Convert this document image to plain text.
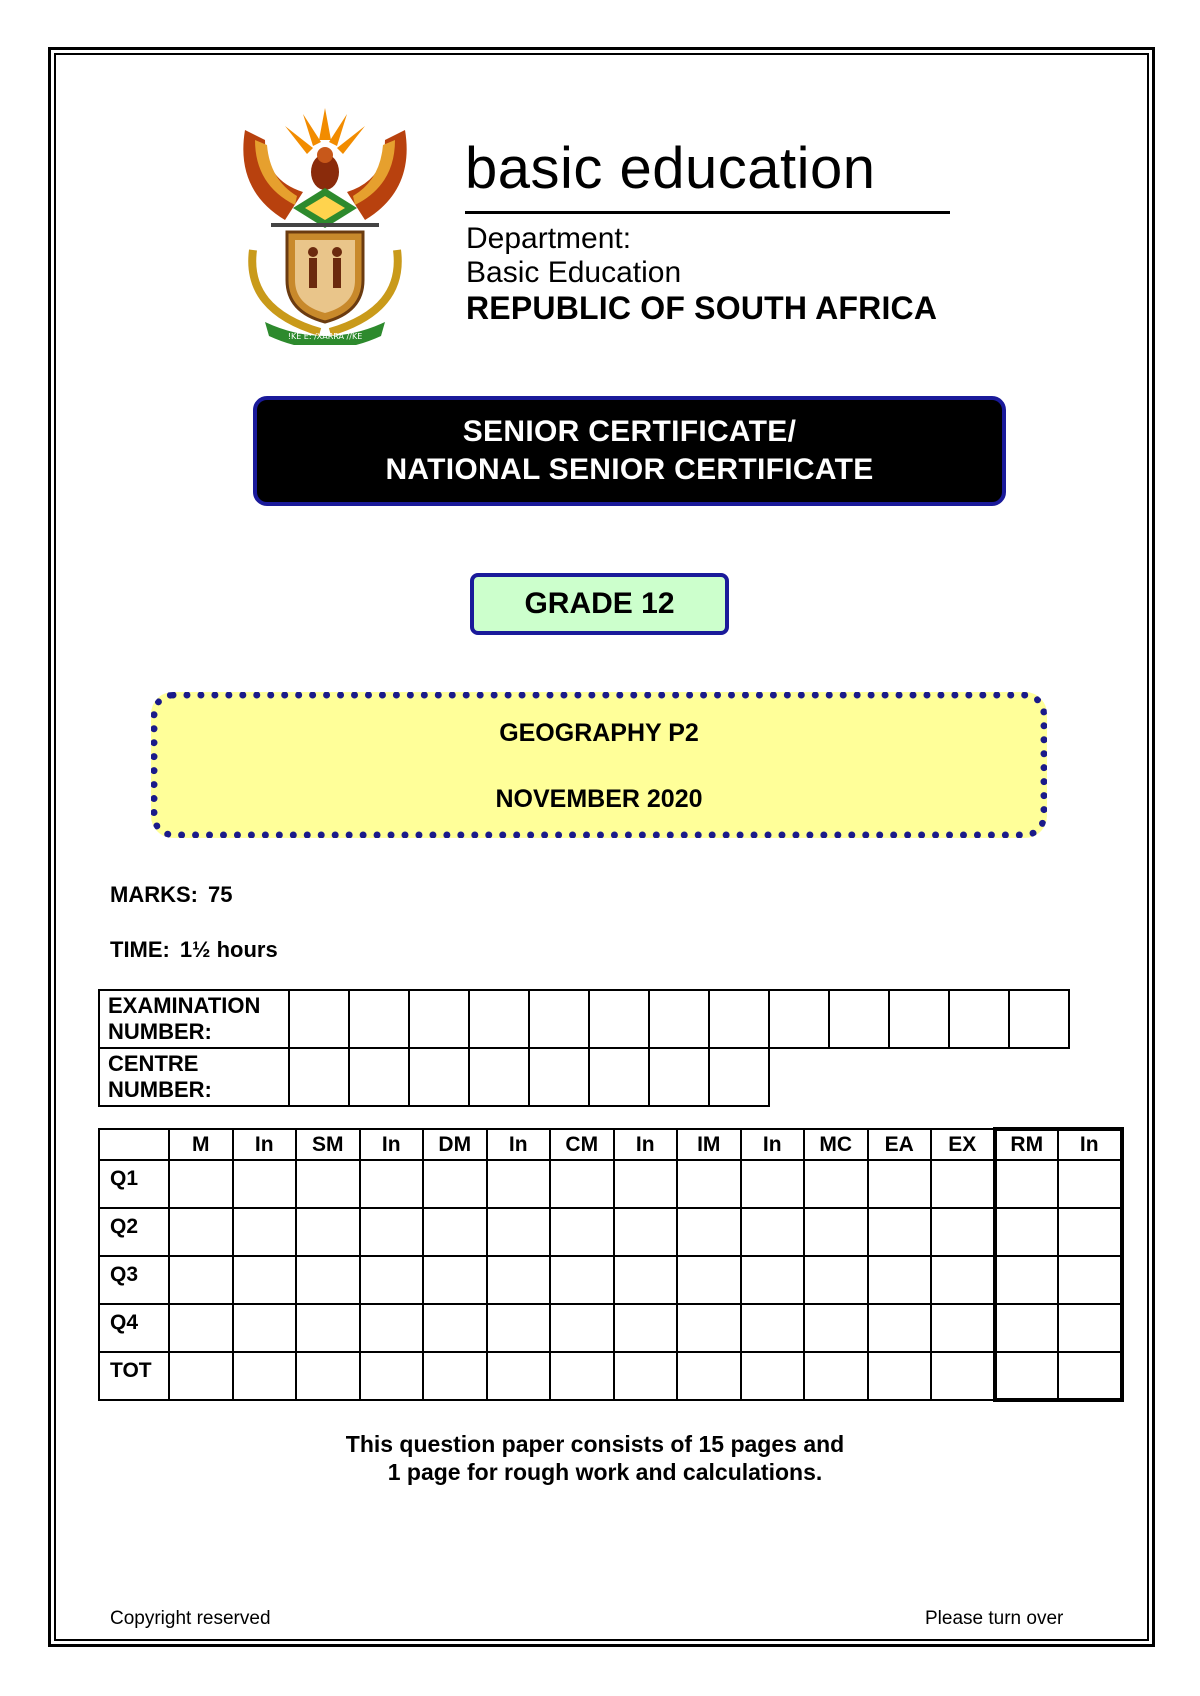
!KE E: /XARRA //KE
basic education
Department:
Basic Education
REPUBLIC OF SOUTH AFRICA
SENIOR CERTIFICATE/
NATIONAL SENIOR CERTIFICATE
GRADE 12
GEOGRAPHY P2
NOVEMBER 2020
MARKS: 75
TIME: 1½ hours
EXAMINATION
NUMBER:													

CENTRE
NUMBER:													

	M	In	SM	In	DM	In	CM	In	IM	In	MC	EA	EX	RM	In
Q1															
Q2															
Q3															
Q4															
TOT															
This question paper consists of 15 pages and
1 page for rough work and calculations.
Copyright reserved	Please turn over
